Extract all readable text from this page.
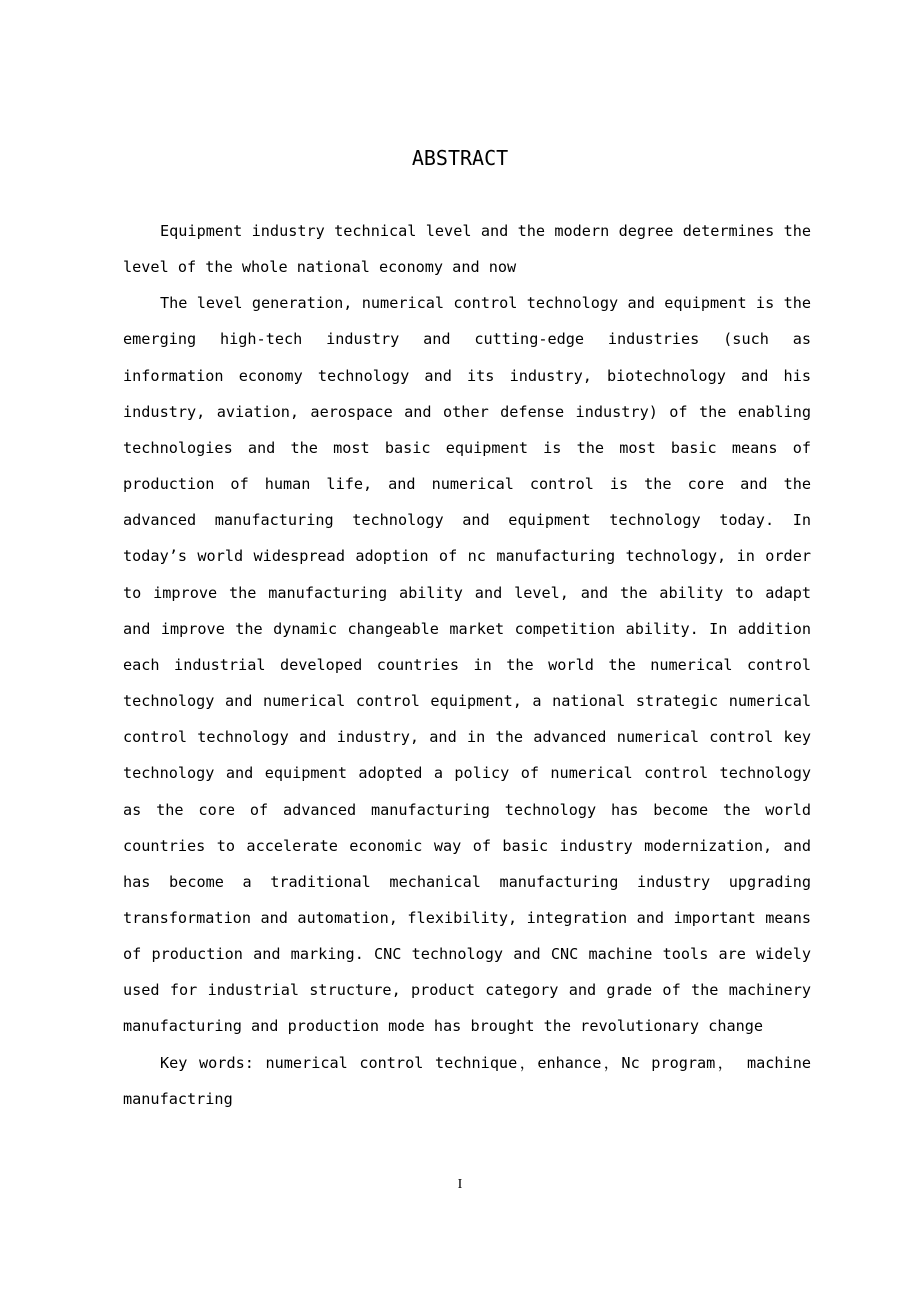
ABSTRACT

Equipment industry technical level and the modern degree determines the level of the whole national economy and now

The level generation, numerical control technology and equipment is the emerging high-tech industry and cutting-edge industries (such as information economy technology and its industry, biotechnology and his industry, aviation, aerospace and other defense industry) of the enabling technologies and the most basic equipment is the most basic means of production of human life, and numerical control is the core and the advanced manufacturing technology and equipment technology today. In today’s world widespread adoption of nc manufacturing technology, in order to improve the manufacturing ability and level, and the ability to adapt and improve the dynamic changeable market competition ability. In addition each industrial developed countries in the world the numerical control technology and numerical control equipment, a national strategic numerical control technology and industry, and in the advanced numerical control key technology and equipment adopted a policy of numerical control technology as the core of advanced manufacturing technology has become the world countries to accelerate economic way of basic industry modernization, and has become a traditional mechanical manufacturing industry upgrading transformation and automation, flexibility, integration and important means of production and marking. CNC technology and CNC machine tools are widely used for industrial structure, product category and grade of the machinery manufacturing and production mode has brought the revolutionary change

Key words: numerical control technique，enhance，Nc program， machine manufactring

I
